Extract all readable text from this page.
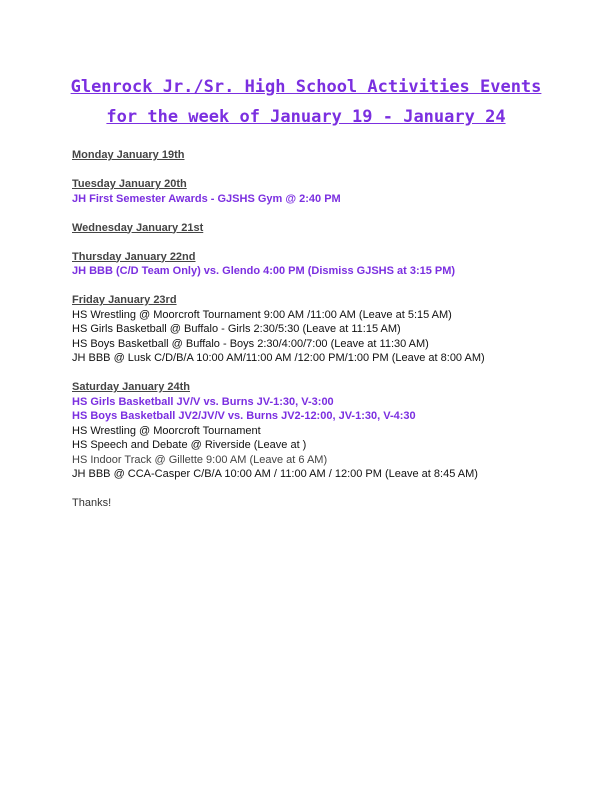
Glenrock Jr./Sr. High School Activities Events
for the week of January 19 - January 24
Monday January 19th
Tuesday January 20th
JH First Semester Awards - GJSHS Gym @ 2:40 PM
Wednesday January 21st
Thursday January 22nd
JH BBB (C/D Team Only) vs. Glendo 4:00 PM (Dismiss GJSHS at 3:15 PM)
Friday January 23rd
HS Wrestling @ Moorcroft Tournament 9:00 AM /11:00 AM (Leave at 5:15 AM)
HS Girls Basketball @ Buffalo - Girls 2:30/5:30 (Leave at 11:15 AM)
HS Boys Basketball @ Buffalo - Boys 2:30/4:00/7:00 (Leave at 11:30 AM)
JH BBB @ Lusk C/D/B/A 10:00 AM/11:00 AM /12:00 PM/1:00 PM (Leave at 8:00 AM)
Saturday January 24th
HS Girls Basketball JV/V vs. Burns JV-1:30, V-3:00
HS Boys Basketball JV2/JV/V vs. Burns JV2-12:00, JV-1:30, V-4:30
HS Wrestling @ Moorcroft Tournament
HS Speech and Debate @ Riverside (Leave at )
HS Indoor Track @ Gillette 9:00 AM (Leave at 6 AM)
JH BBB @ CCA-Casper C/B/A 10:00 AM / 11:00 AM / 12:00 PM (Leave at 8:45 AM)
Thanks!
